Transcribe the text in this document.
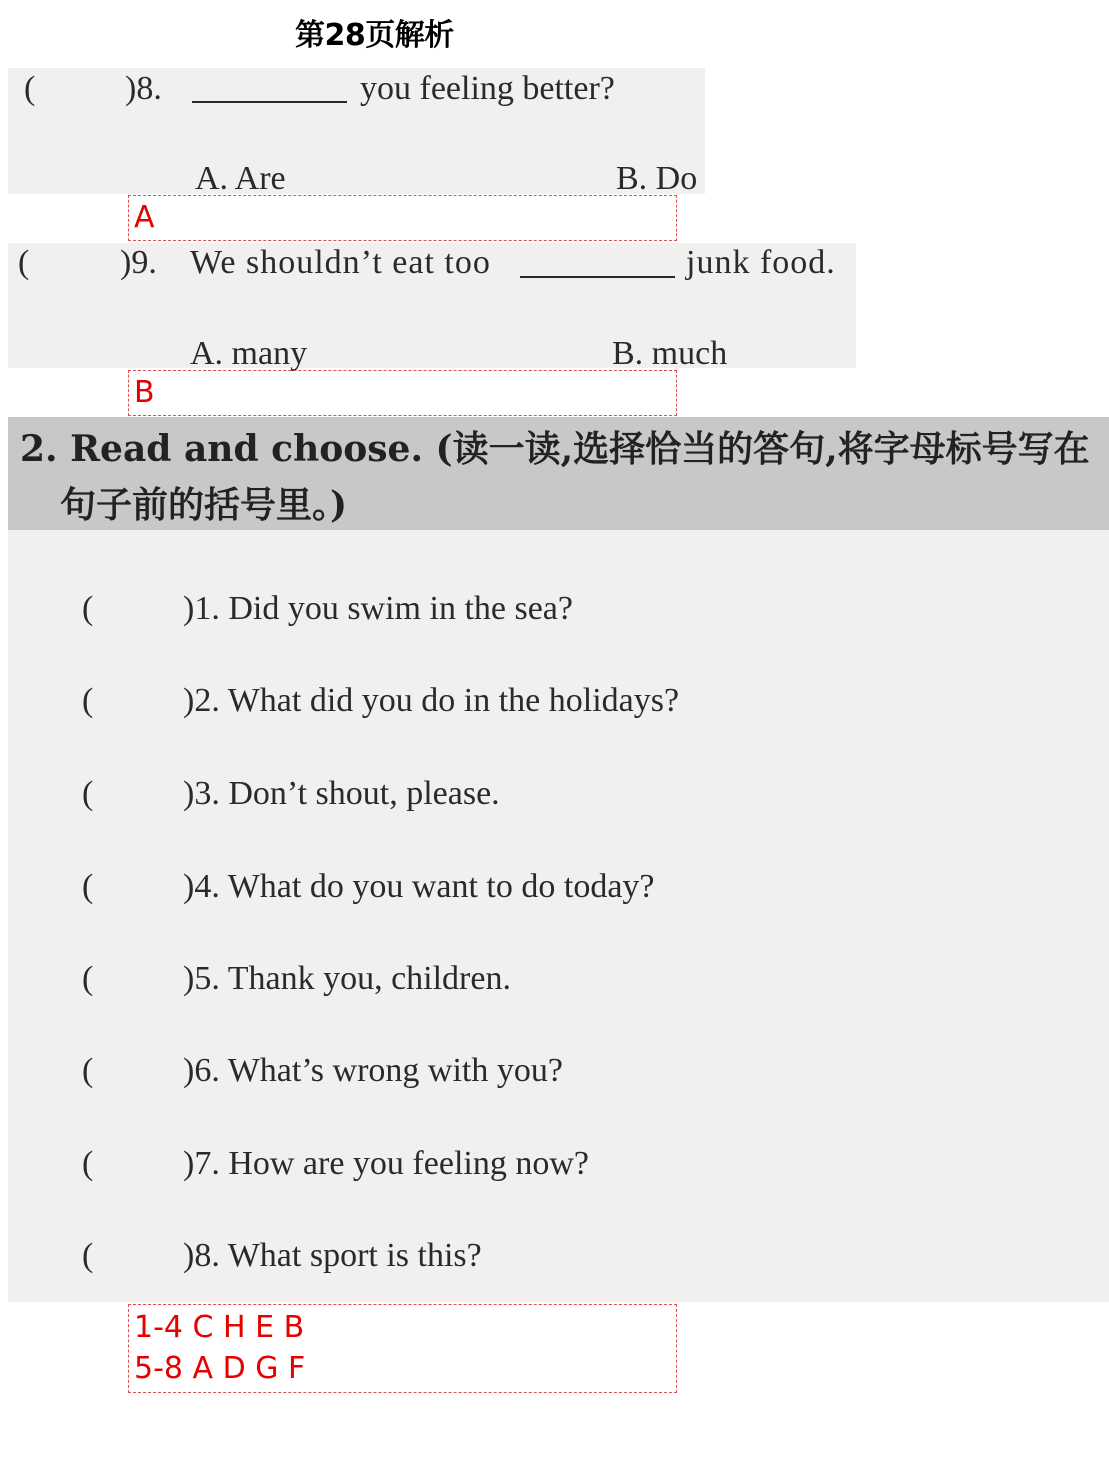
第28页解析
(	)8.	you feeling better?
A. Are	B. Do
A
(	)9. We shouldn’t eat too	junk food.
A. many	B. much
B
2. Read and choose. (读一读,选择恰当的答句,将字母标号写在
句子前的括号里。)
(	)1. Did you swim in the sea?
(	)2. What did you do in the holidays?
(	)3. Don’t shout, please.
(	)4. What do you want to do today?
(	)5. Thank you, children.
(	)6. What’s wrong with you?
(	)7. How are you feeling now?
(	)8. What sport is this?
1-4 C H E B
5-8 A D G F
